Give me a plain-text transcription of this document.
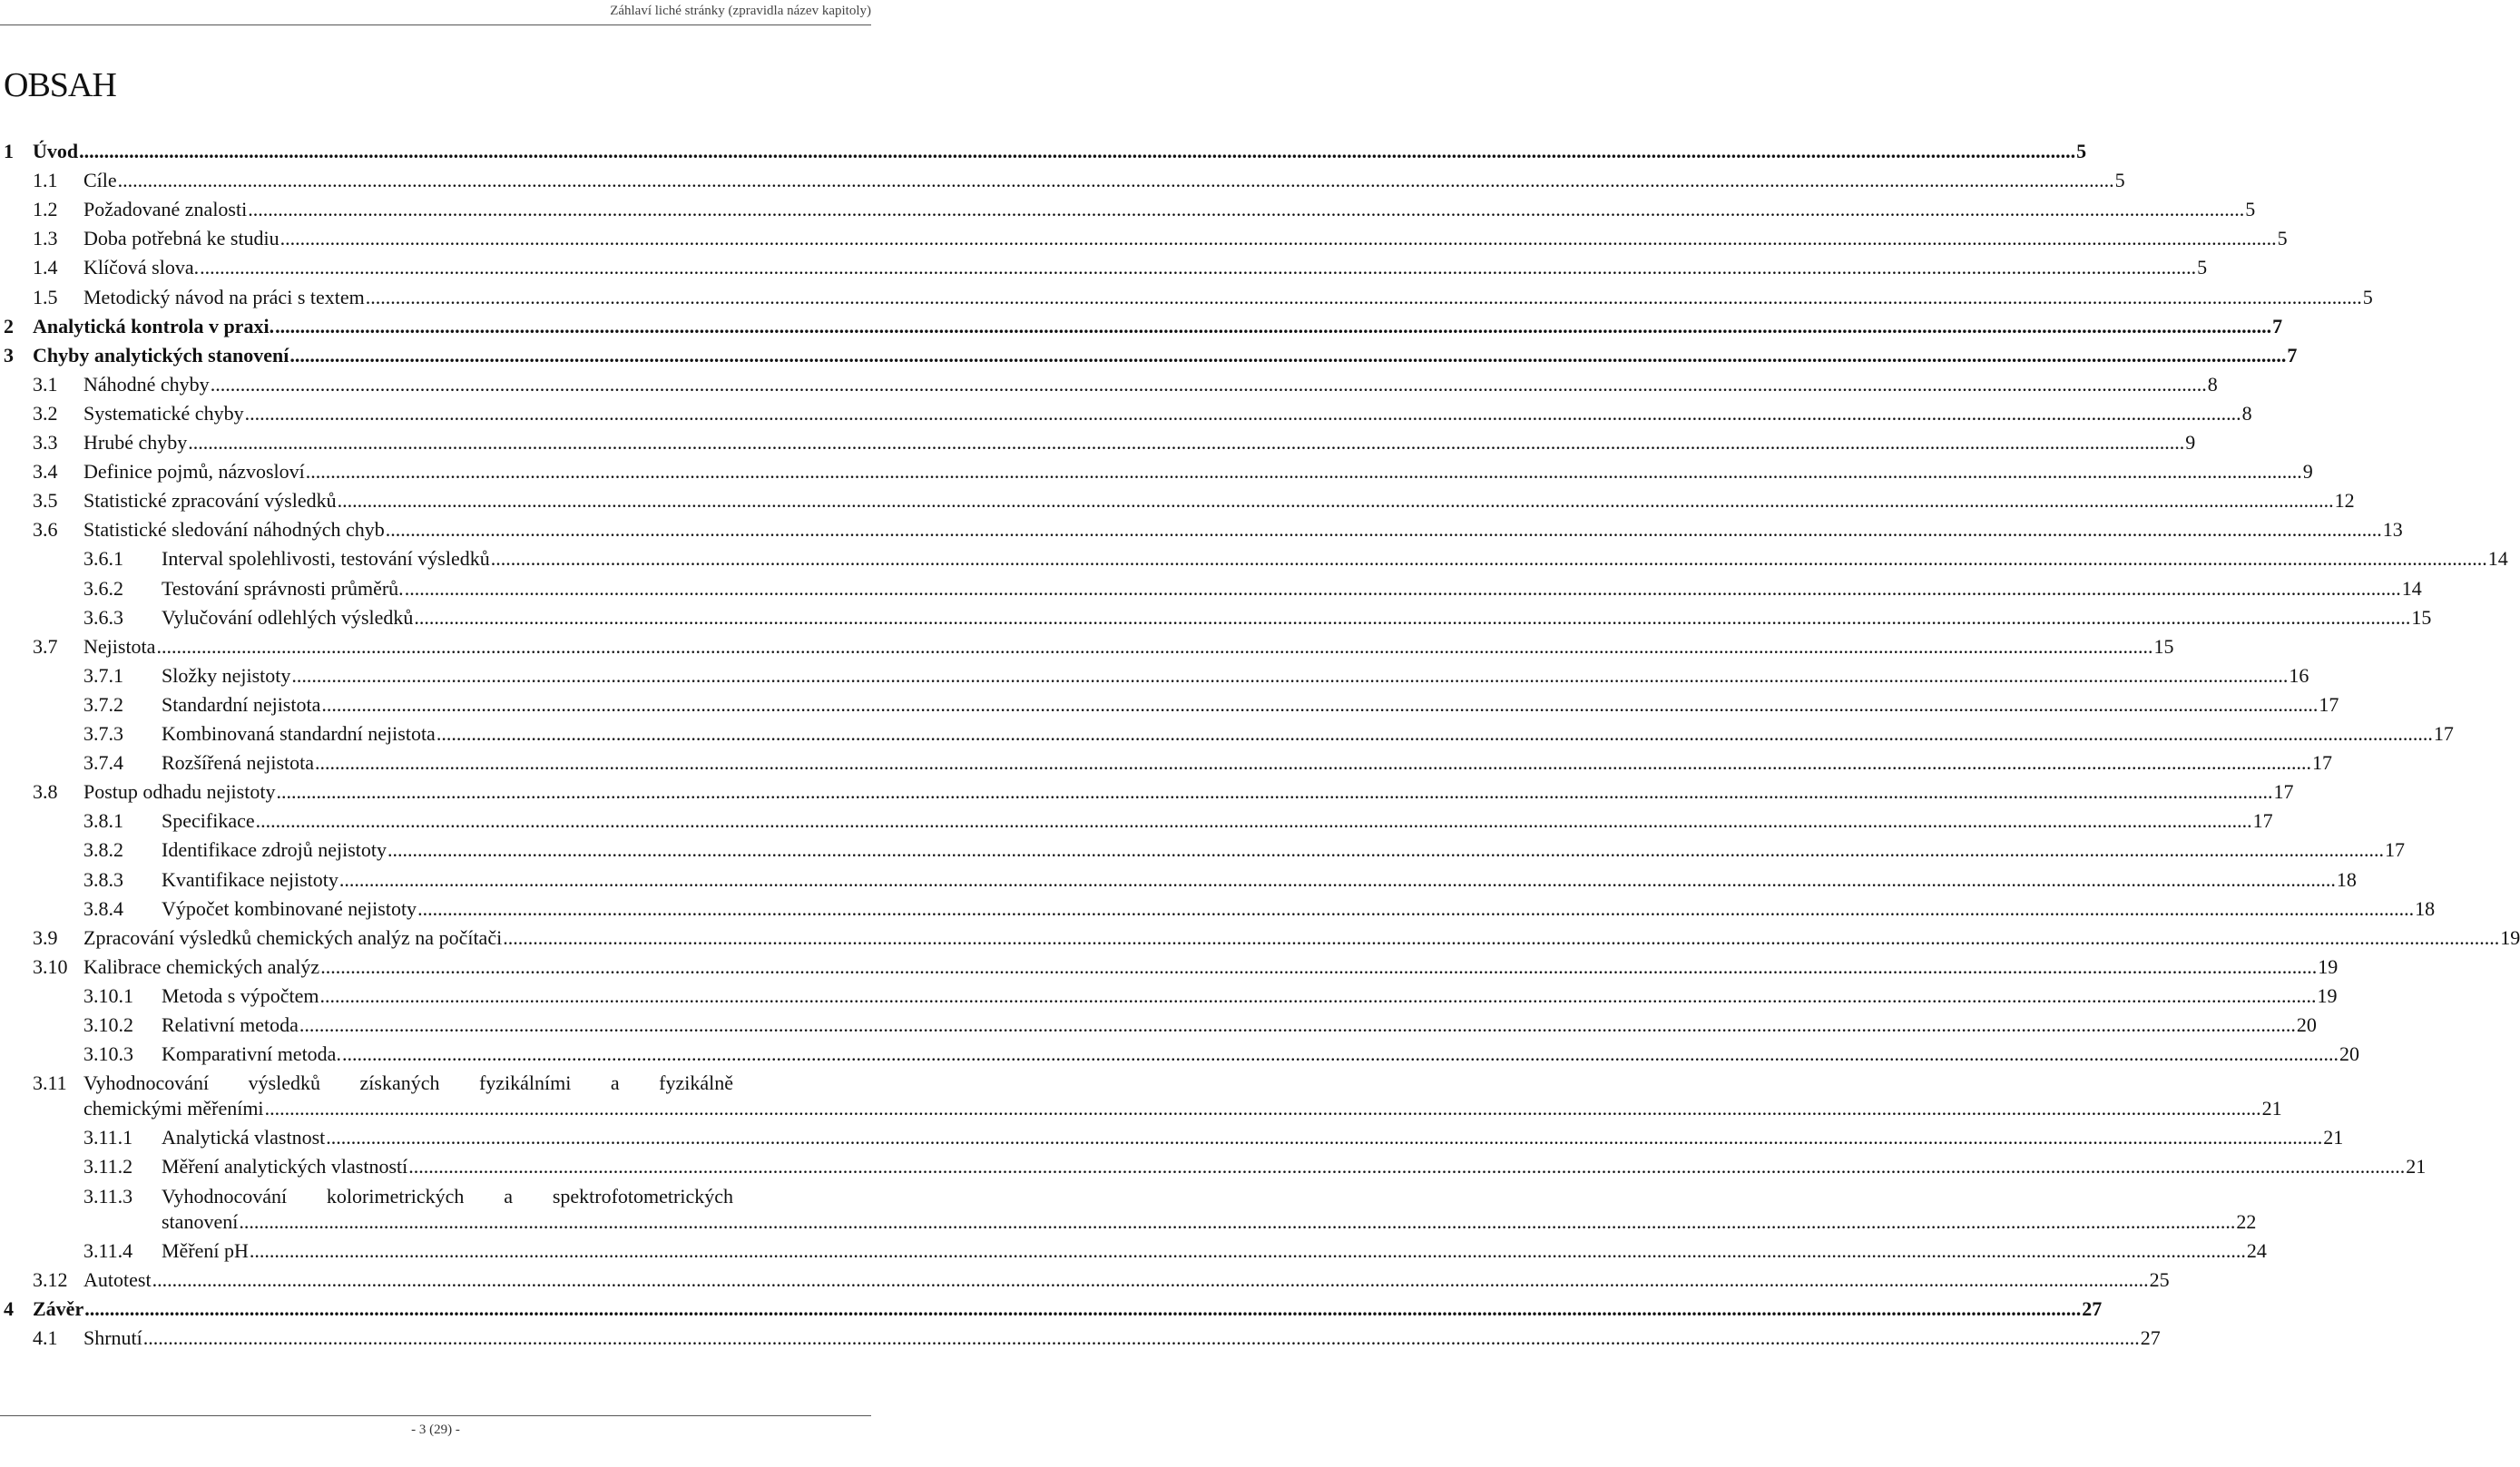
Záhlaví liché stránky (zpravidla název kapitoly)
OBSAH
1 Úvod ................................................................................................................................................................................................................................................................................................................................................................................................................ 5
1.1 Cíle ................................................................................................................................................................................................................................................................................................................................................................................................................ 5
1.2 Požadované znalosti ................................................................................................................................................................................................................................................................................................................................................................................................................ 5
1.3 Doba potřebná ke studiu ................................................................................................................................................................................................................................................................................................................................................................................................................ 5
1.4 Klíčová slova. ................................................................................................................................................................................................................................................................................................................................................................................................................ 5
1.5 Metodický návod na práci s textem ................................................................................................................................................................................................................................................................................................................................................................................................................ 5
2 Analytická kontrola v praxi. ................................................................................................................................................................................................................................................................................................................................................................................................................ 7
3 Chyby analytických stanovení ................................................................................................................................................................................................................................................................................................................................................................................................................ 7
3.1 Náhodné chyby ................................................................................................................................................................................................................................................................................................................................................................................................................ 8
3.2 Systematické chyby ................................................................................................................................................................................................................................................................................................................................................................................................................ 8
3.3 Hrubé chyby ................................................................................................................................................................................................................................................................................................................................................................................................................ 9
3.4 Definice pojmů, názvosloví ................................................................................................................................................................................................................................................................................................................................................................................................................ 9
3.5 Statistické zpracování výsledků ................................................................................................................................................................................................................................................................................................................................................................................................................ 12
3.6 Statistické sledování náhodných chyb ................................................................................................................................................................................................................................................................................................................................................................................................................ 13
3.6.1 Interval spolehlivosti, testování výsledků ................................................................................................................................................................................................................................................................................................................................................................................................................ 14
3.6.2 Testování správnosti průměrů. ................................................................................................................................................................................................................................................................................................................................................................................................................ 14
3.6.3 Vylučování odlehlých výsledků ................................................................................................................................................................................................................................................................................................................................................................................................................ 15
3.7 Nejistota ................................................................................................................................................................................................................................................................................................................................................................................................................ 15
3.7.1 Složky nejistoty ................................................................................................................................................................................................................................................................................................................................................................................................................ 16
3.7.2 Standardní nejistota ................................................................................................................................................................................................................................................................................................................................................................................................................ 17
3.7.3 Kombinovaná standardní nejistota ................................................................................................................................................................................................................................................................................................................................................................................................................ 17
3.7.4 Rozšířená nejistota ................................................................................................................................................................................................................................................................................................................................................................................................................ 17
3.8 Postup odhadu nejistoty ................................................................................................................................................................................................................................................................................................................................................................................................................ 17
3.8.1 Specifikace ................................................................................................................................................................................................................................................................................................................................................................................................................ 17
3.8.2 Identifikace zdrojů nejistoty ................................................................................................................................................................................................................................................................................................................................................................................................................ 17
3.8.3 Kvantifikace nejistoty ................................................................................................................................................................................................................................................................................................................................................................................................................ 18
3.8.4 Výpočet kombinované nejistoty ................................................................................................................................................................................................................................................................................................................................................................................................................ 18
3.9 Zpracování výsledků chemických analýz na počítači ................................................................................................................................................................................................................................................................................................................................................................................................................ 19
3.10 Kalibrace chemických analýz ................................................................................................................................................................................................................................................................................................................................................................................................................ 19
3.10.1 Metoda s výpočtem ................................................................................................................................................................................................................................................................................................................................................................................................................ 19
3.10.2 Relativní metoda ................................................................................................................................................................................................................................................................................................................................................................................................................ 20
3.10.3 Komparativní metoda. ................................................................................................................................................................................................................................................................................................................................................................................................................ 20
3.11 Vyhodnocování výsledků získaných fyzikálními a fyzikálně
chemickými měřeními ................................................................................................................................................................................................................................................................................................................................................................................................................ 21
3.11.1 Analytická vlastnost ................................................................................................................................................................................................................................................................................................................................................................................................................ 21
3.11.2 Měření analytických vlastností ................................................................................................................................................................................................................................................................................................................................................................................................................ 21
3.11.3 Vyhodnocování kolorimetrických a spektrofotometrických
stanovení ................................................................................................................................................................................................................................................................................................................................................................................................................ 22
3.11.4 Měření pH ................................................................................................................................................................................................................................................................................................................................................................................................................ 24
3.12 Autotest ................................................................................................................................................................................................................................................................................................................................................................................................................ 25
4 Závěr ................................................................................................................................................................................................................................................................................................................................................................................................................ 27
4.1 Shrnutí ................................................................................................................................................................................................................................................................................................................................................................................................................ 27
- 3 (29) -
